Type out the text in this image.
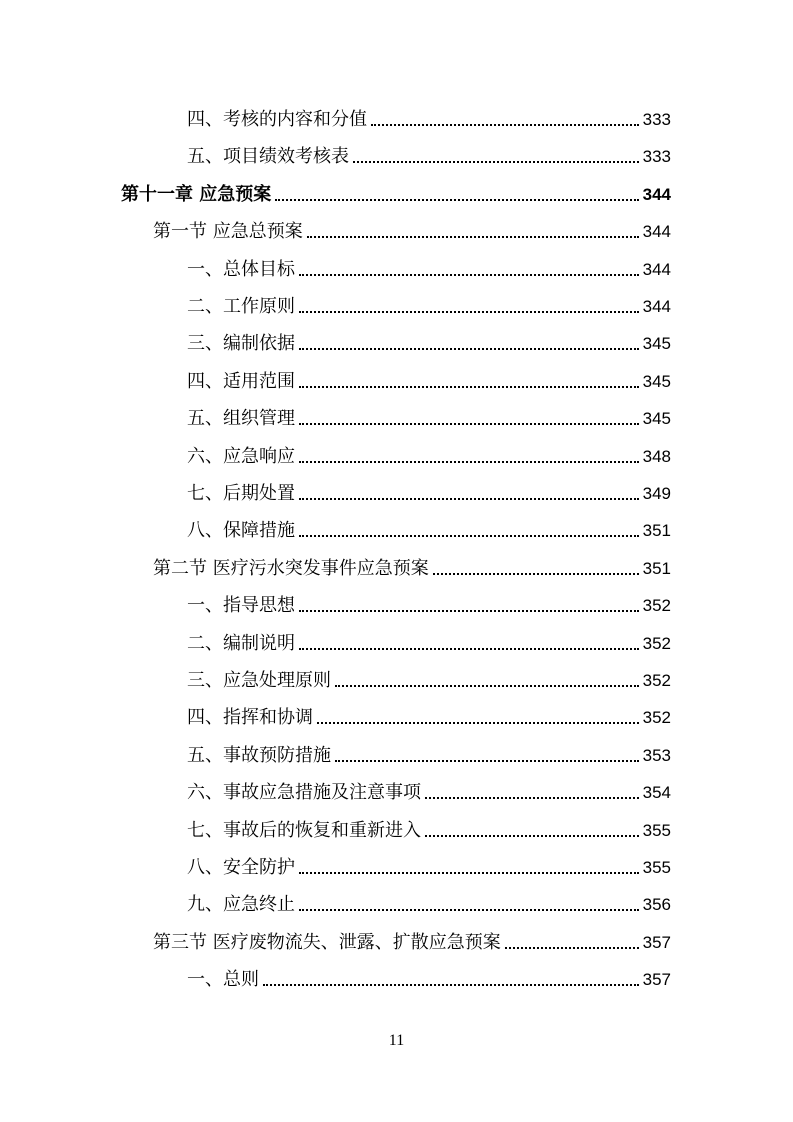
四、考核的内容和分值	333
五、项目绩效考核表	333
第十一章 应急预案	344
第一节 应急总预案	344
一、总体目标	344
二、工作原则	344
三、编制依据	345
四、适用范围	345
五、组织管理	345
六、应急响应	348
七、后期处置	349
八、保障措施	351
第二节 医疗污水突发事件应急预案	351
一、指导思想	352
二、编制说明	352
三、应急处理原则	352
四、指挥和协调	352
五、事故预防措施	353
六、事故应急措施及注意事项	354
七、事故后的恢复和重新进入	355
八、安全防护	355
九、应急终止	356
第三节 医疗废物流失、泄露、扩散应急预案	357
一、总则	357
11
